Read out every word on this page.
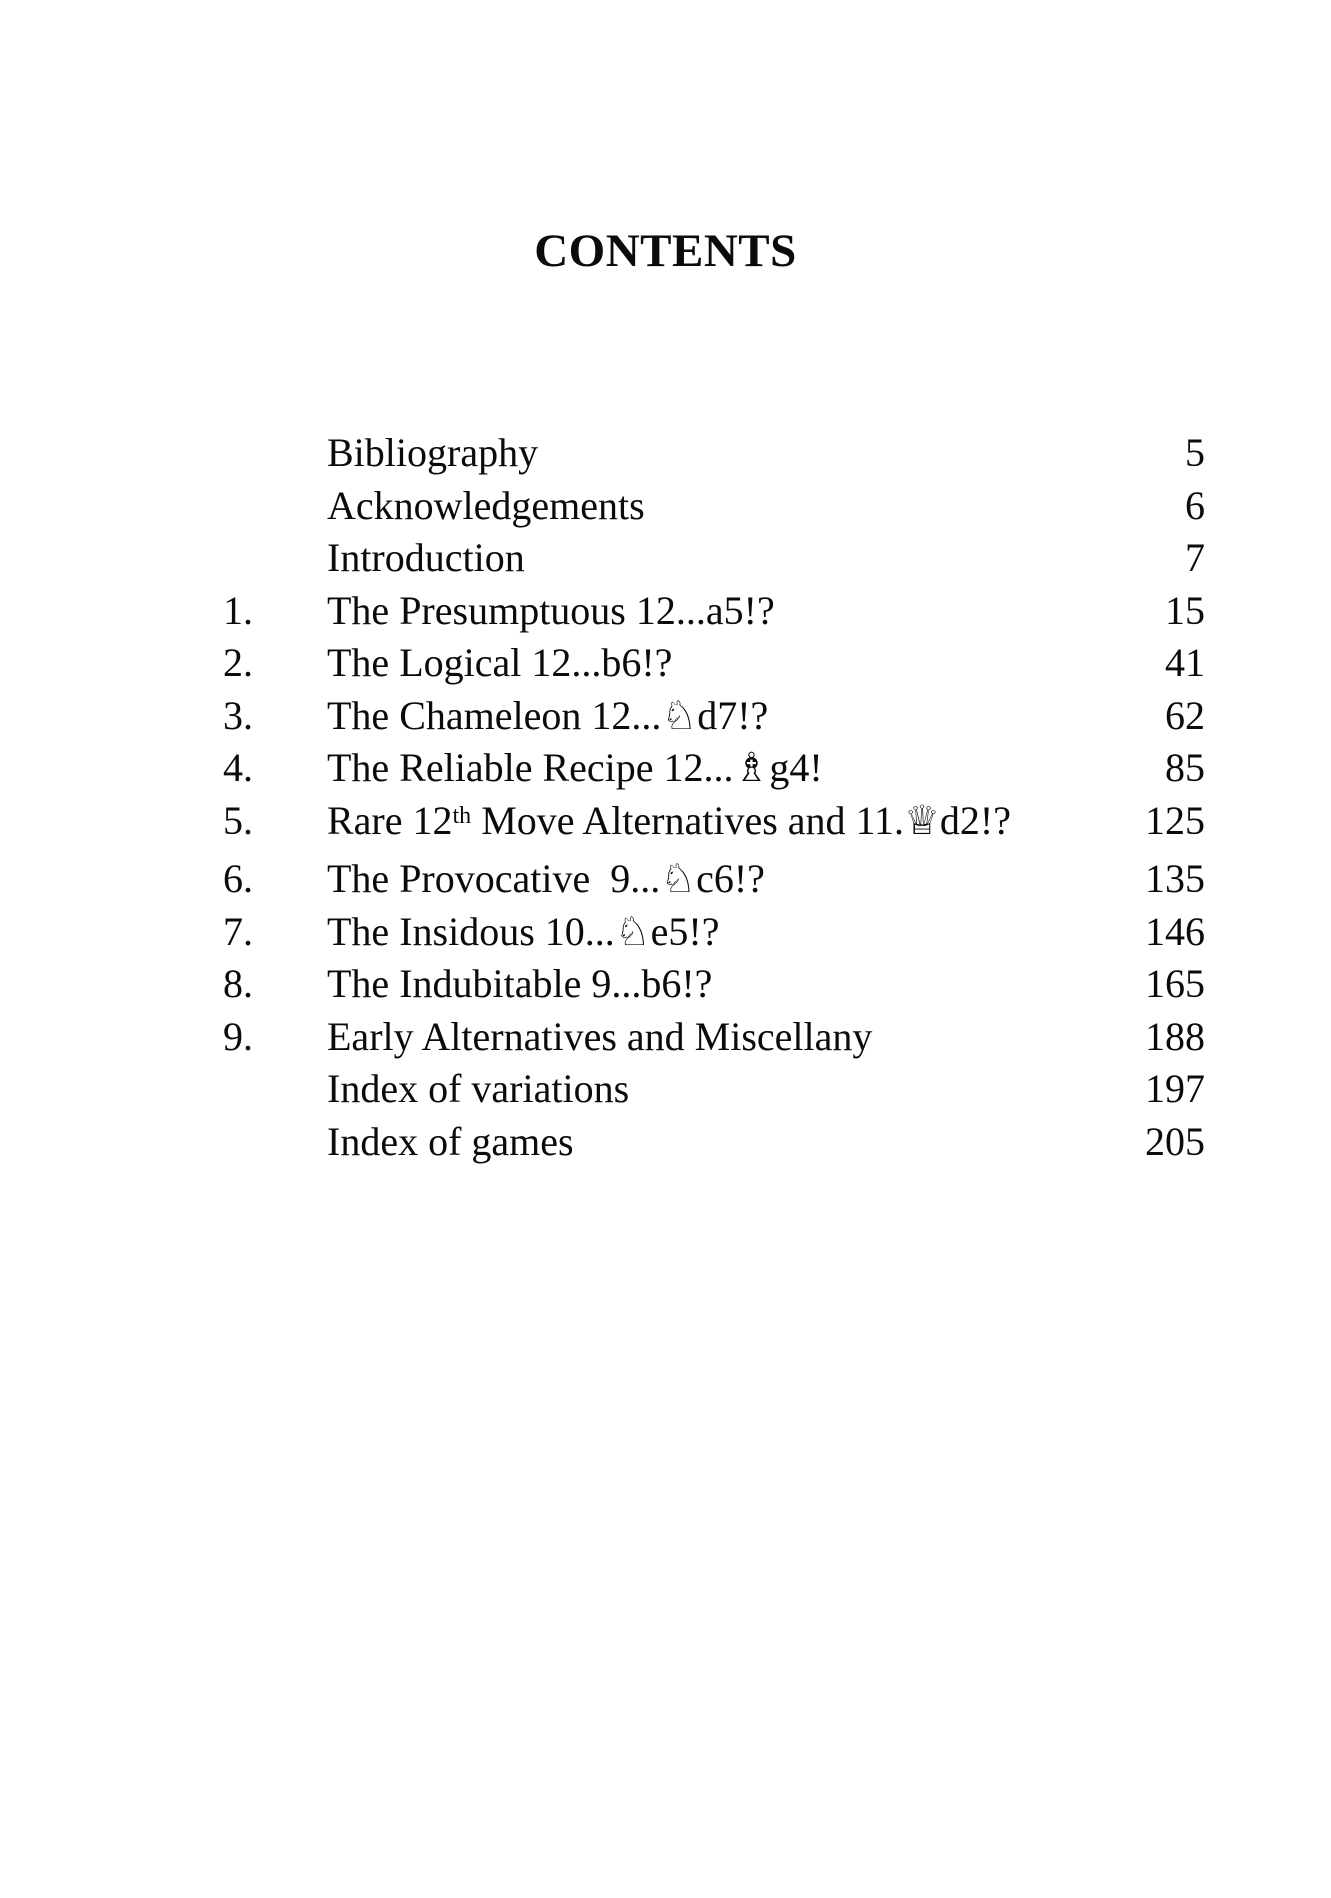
CONTENTS
Bibliography	5
Acknowledgements	6
Introduction	7
1.	The Presumptuous 12...a5!?	15
2.	The Logical 12...b6!?	41
3.	The Chameleon 12...♘d7!?	62
4.	The Reliable Recipe 12...♗g4!	85
5.	Rare 12th Move Alternatives and 11.♕d2!?	125
6.	The Provocative  9...♘c6!?	135
7.	The Insidous 10...♘e5!?	146
8.	The Indubitable 9...b6!?	165
9.	Early Alternatives and Miscellany	188
Index of variations	197
Index of games	205
